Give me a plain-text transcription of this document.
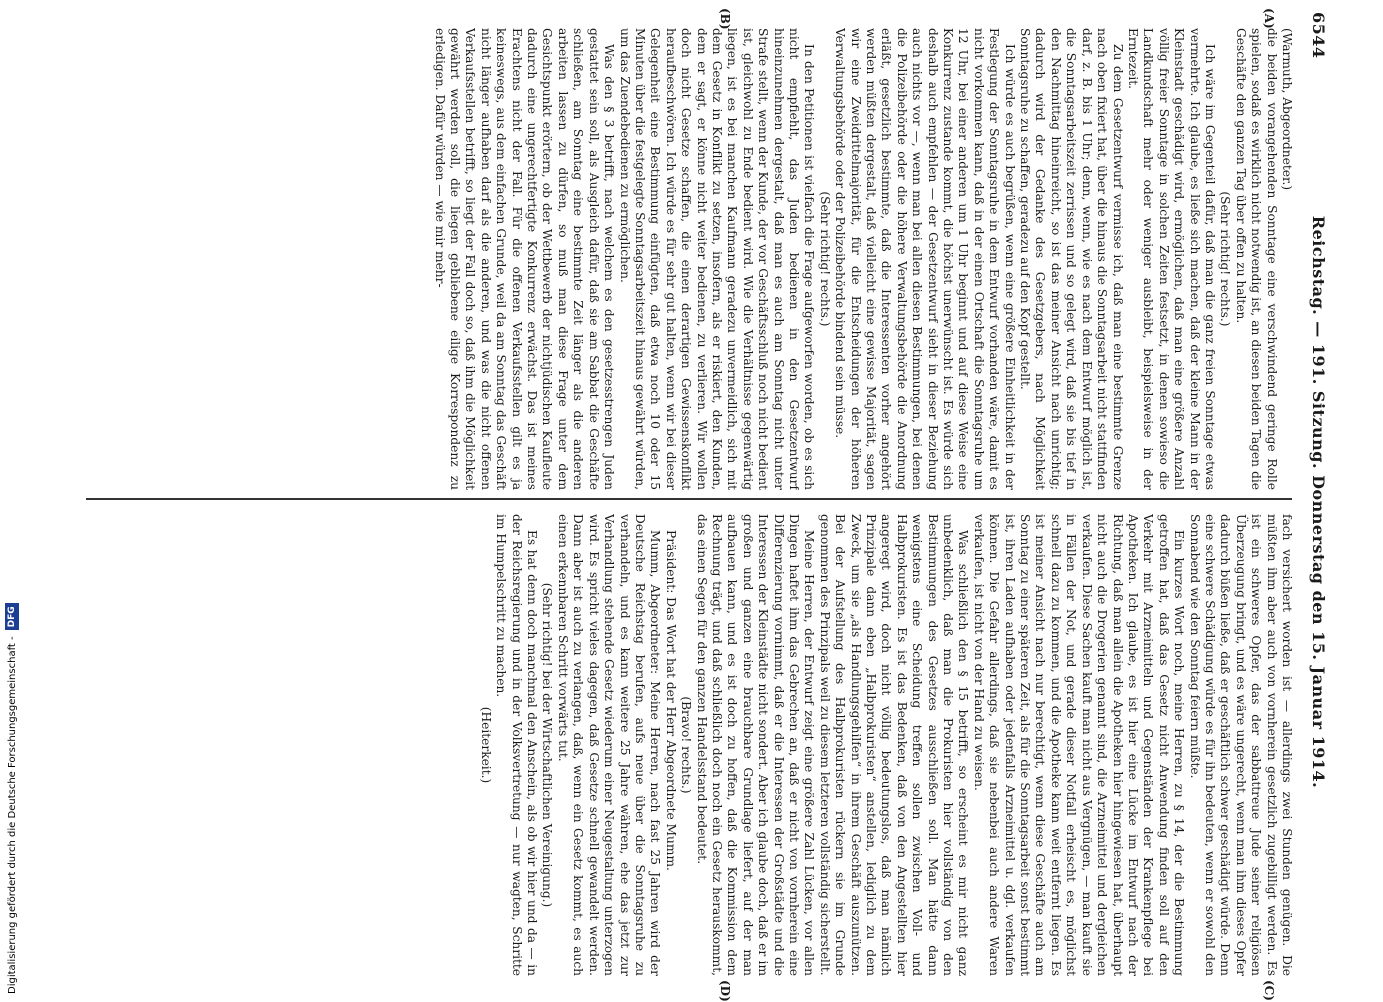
6544
Reichstag. — 191. Sitzung. Donnerstag den 15. Januar 1914.
(A)
(B)
(C)
(D)

(Warmuth, Abgeordneter.)

die beiden vorangehenden Sonntage eine verschwindend geringe Rolle spielen, sodaß es wirklich nicht notwendig ist, an diesen beiden Tagen die Geschäfte den ganzen Tag über offen zu halten.

(Sehr richtig! rechts.)

Ich wäre im Gegenteil dafür, daß man die ganz freien Sonntage etwas vermehrte. Ich glaube, es ließe sich machen, daß der kleine Mann in der Kleinstadt geschädigt wird, ermöglichen, daß man eine größere Anzahl völlig freier Sonntage in solchen Zeiten festsetzt, in denen sowieso die Landkundschaft mehr oder weniger ausbleibt, beispielsweise in der Erntezeit.

Zu dem Gesetzentwurf vermisse ich, daß man eine bestimmte Grenze nach oben fixiert hat, über die hinaus die Sonntagsarbeit nicht stattfinden darf, z. B. bis 1 Uhr; denn, wenn, wie es nach dem Entwurf möglich ist, die Sonntagsarbeitszeit zerrissen und so gelegt wird, daß sie bis tief in den Nachmittag hineinreicht, so ist das meiner Ansicht nach unrichtig; dadurch wird der Gedanke des Gesetzgebers, nach Möglichkeit Sonntagsruhe zu schaffen, geradezu auf den Kopf gestellt.

Ich würde es auch begrüßen, wenn eine größere Einheitlichkeit in der Festlegung der Sonntagsruhe in dem Entwurf vorhanden wäre, damit es nicht vorkommen kann, daß in der einen Ortschaft die Sonntagsruhe um 12 Uhr, bei einer anderen um 1 Uhr beginnt und auf diese Weise eine Konkurrenz zustande kommt, die höchst unerwünscht ist. Es würde sich deshalb auch empfehlen — der Gesetzentwurf sieht in dieser Beziehung auch nichts vor —, wenn man bei allen diesen Bestimmungen, bei denen die Polizeibehörde oder die höhere Verwaltungsbehörde die Anordnung erläßt, gesetzlich bestimmte, daß die Interessenten vorher angehört werden müßten dergestalt, daß vielleicht eine gewisse Majorität, sagen wir eine Zweidrittelmajorität, für die Entscheidungen der höheren Verwaltungsbehörde oder der Polizeibehörde bindend sein müsse.

(Sehr richtig! rechts.)

In den Petitionen ist vielfach die Frage aufgeworfen worden, ob es sich nicht empfiehlt, das Juden bedienen in den Gesetzentwurf hineinzunehmen dergestalt, daß man es auch am Sonntag nicht unter Strafe stellt, wenn der Kunde, der vor Geschäftsschluß noch nicht bedient ist, gleichwohl zu Ende bedient wird. Wie die Verhältnisse gegenwärtig liegen, ist es bei manchen Kaufmann geradezu unvermeidlich, sich mit dem Gesetz in Konflikt zu setzen, insofern, als er riskiert, den Kunden, dem er sagt, er könne nicht weiter bedienen, zu verlieren. Wir wollen doch nicht Gesetze schaffen, die einen derartigen Gewissenskonflikt heraufbeschwören. Ich würde es für sehr gut halten, wenn wir bei dieser Gelegenheit eine Bestimmung einfügten, daß etwa noch 10 oder 15 Minuten über die festgelegte Sonntagsarbeitszeit hinaus gewährt würden, um das Zuendebedienen zu ermöglichen.

Was den § 3 betrifft, nach welchem es den gesetzesstrengen Juden gestattet sein soll, als Ausgleich dafür, daß sie am Sabbat die Geschäfte schließen, am Sonntag eine bestimmte Zeit länger als die anderen arbeiten lassen zu dürfen, so muß man diese Frage unter dem Gesichtspunkt erörtern, ob der Wettbewerb der nichtjüdischen Kaufleute dadurch eine ungerechtfertigte Konkurrenz erwächst. Das ist meines Erachtens nicht der Fall. Für die offenen Verkaufsstellen gilt es ja keineswegs, aus dem einfachen Grunde, weil da am Sonntag das Geschäft nicht länger aufhaben darf als die anderen, und was die nicht offenen Verkaufsstellen betrifft, so liegt der Fall doch so, daß ihm die Möglichkeit gewährt werden soll, die liegen gebliebene eilige Korrespondenz zu erledigen. Dafür würden — wie mir mehr-

fach versichert worden ist — allerdings zwei Stunden genügen. Die müßten ihm aber auch von vornherein gesetzlich zugebilligt werden. Es ist ein schweres Opfer, das der sabbattreue Jude seiner religiösen Überzeugung bringt, und es wäre ungerecht, wenn man ihm dieses Opfer dadurch büßen ließe, daß er geschäftlich schwer geschädigt würde. Denn eine schwere Schädigung würde es für ihn bedeuten, wenn er sowohl den Sonnabend wie den Sonntag feiern müßte.

Ein kurzes Wort noch, meine Herren, zu § 14, der die Bestimmung getroffen hat, daß das Gesetz nicht Anwendung finden soll auf den Verkehr mit Arzneimitteln und Gegenständen der Krankenpflege bei Apotheken. Ich glaube, es ist hier eine Lücke im Entwurf nach der Richtung, daß man allein die Apotheken hier hingewiesen hat, überhaupt nicht auch die Drogerien genannt sind, die Arzneimittel und dergleichen verkaufen. Diese Sachen kauft man nicht aus Vergnügen, — man kauft sie in Fällen der Not, und gerade dieser Notfall erheischt es, möglichst schnell dazu zu kommen, und die Apotheke kann weit entfernt liegen. Es ist meiner Ansicht nach nur berechtigt, wenn diese Geschäfte auch am Sonntag zu einer späteren Zeit, als für die Sonntagsarbeit sonst bestimmt ist, ihren Laden aufhaben oder jedenfalls Arzneimittel u. dgl. verkaufen können. Die Gefahr allerdings, daß sie nebenbei auch andere Waren verkaufen, ist nicht von der Hand zu weisen.

Was schließlich den § 15 betrifft, so erscheint es mir nicht ganz unbedenklich, daß man die Prokuristen hier vollständig von den Bestimmungen des Gesetzes ausschließen soll. Man hätte dann wenigstens eine Scheidung treffen sollen zwischen Voll- und Halbprokuristen. Es ist das Bedenken, daß von den Angestellten hier angeregt wird, doch nicht völlig bedeutungslos, daß man nämlich Prinzipale dann eben „Halbprokuristen“ anstellen, lediglich zu dem Zweck, um sie „als Handlungsgehilfen“ in ihrem Geschäft auszunützen. Bei der Aufstellung des Halbprokuristen rückern sie im Grunde genommen des Prinzipals weil zu diesem letzteren vollständig sicherstellt.

Meine Herren, der Entwurf zeigt eine größere Zahl Lücken, vor allen Dingen haftet ihm das Gebrechen an, daß er nicht von vornherein eine Differenzierung vornimmt, daß er die Interessen der Großstädte und die Interessen der Kleinstädte nicht sondert. Aber ich glaube doch, daß er im großen und ganzen eine brauchbare Grundlage liefert, auf der man aufbauen kann, und es ist doch zu hoffen, daß die Kommission dem Rechnung trägt, und daß schließlich doch noch ein Gesetz herauskommt, das einen Segen für den ganzen Handelsstand bedeutet.

(Bravo! rechts.)

Präsident: Das Wort hat der Herr Abgeordnete Mumm.

Mumm, Abgeordneter: Meine Herren, nach fast 25 Jahren wird der Deutsche Reichstag berufen, aufs neue über die Sonntagsruhe zu verhandeln, und es kann weitere 25 Jahre währen, ehe das jetzt zur Verhandlung stehende Gesetz wiederum einer Neugestaltung unterzogen wird. Es spricht vieles dagegen, daß Gesetze schnell gewandelt werden. Dann aber ist auch zu verlangen, daß, wenn ein Gesetz kommt, es auch einen erkennbaren Schritt vorwärts tut.

(Sehr richtig! bei der Wirtschaftlichen Vereinigung.)

Es hat denn doch manchmal den Anschein, als ob wir hier und da — in der Reichsregierung und in der Volksvertretung — nur wagten, Schritte im Humpelschritt zu machen.

(Heiterkeit.)

Digitalisierung gefördert durch die Deutsche Forschungsgemeinschaft -
DFG
